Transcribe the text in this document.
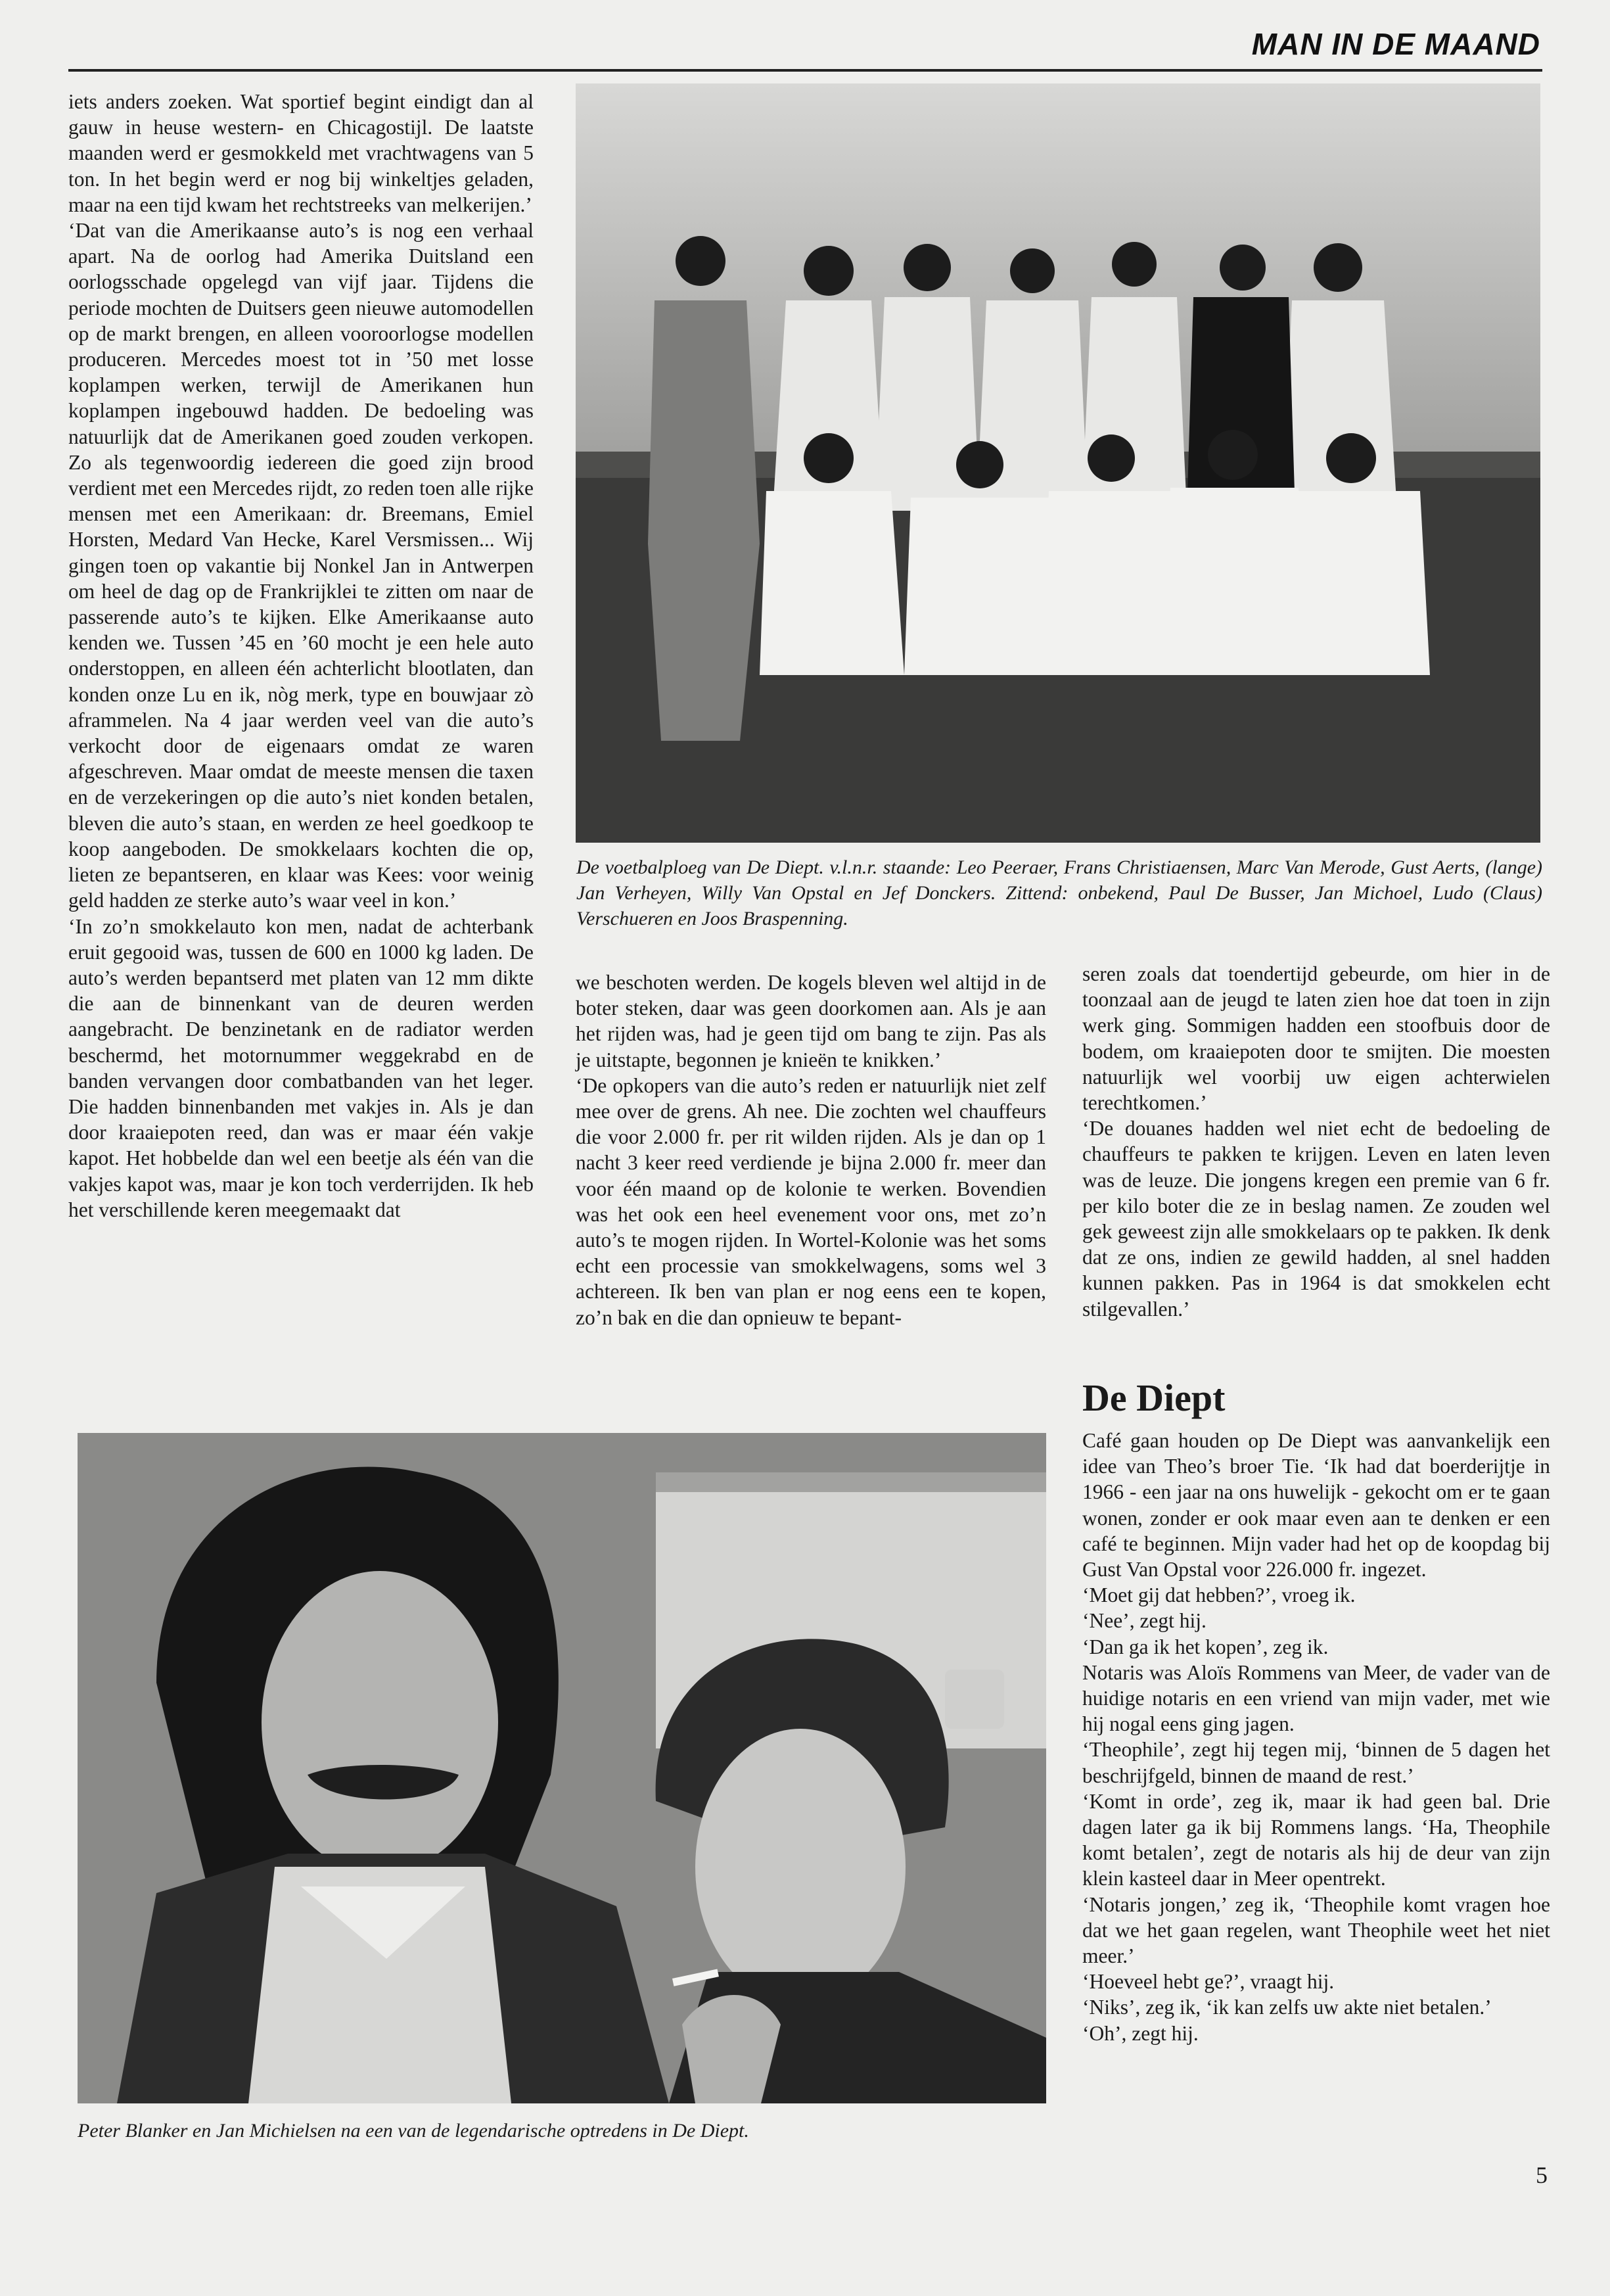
MAN IN DE MAAND

iets anders zoeken. Wat sportief begint eindigt dan al gauw in heuse western- en Chicagostijl. De laatste maanden werd er gesmokkeld met vrachtwagens van 5 ton. In het begin werd er nog bij winkeltjes geladen, maar na een tijd kwam het rechtstreeks van melkerijen.’

‘Dat van die Amerikaanse auto’s is nog een verhaal apart. Na de oorlog had Amerika Duitsland een oorlogsschade opgelegd van vijf jaar. Tijdens die periode mochten de Duitsers geen nieuwe automodellen op de markt brengen, en alleen vooroorlogse modellen produceren. Mercedes moest tot in ’50 met losse koplampen werken, terwijl de Amerikanen hun koplampen ingebouwd hadden. De bedoeling was natuurlijk dat de Amerikanen goed zouden verkopen. Zo als tegenwoordig iedereen die goed zijn brood verdient met een Mercedes rijdt, zo reden toen alle rijke mensen met een Amerikaan: dr. Breemans, Emiel Horsten, Medard Van Hecke, Karel Versmissen... Wij gingen toen op vakantie bij Nonkel Jan in Antwerpen om heel de dag op de Frankrijklei te zitten om naar de passerende auto’s te kijken. Elke Amerikaanse auto kenden we. Tussen ’45 en ’60 mocht je een hele auto onderstoppen, en alleen één achterlicht blootlaten, dan konden onze Lu en ik, nòg merk, type en bouwjaar zò aframmelen. Na 4 jaar werden veel van die auto’s verkocht door de eigenaars omdat ze waren afgeschreven. Maar omdat de meeste mensen die taxen en de verzekeringen op die auto’s niet konden betalen, bleven die auto’s staan, en werden ze heel goedkoop te koop aangeboden. De smokkelaars kochten die op, lieten ze bepantseren, en klaar was Kees: voor weinig geld hadden ze sterke auto’s waar veel in kon.’

‘In zo’n smokkelauto kon men, nadat de achterbank eruit gegooid was, tussen de 600 en 1000 kg laden. De auto’s werden bepantserd met platen van 12 mm dikte die aan de binnenkant van de deuren werden aangebracht. De benzinetank en de radiator werden beschermd, het motornummer weggekrabd en de banden vervangen door combatbanden van het leger. Die hadden binnenbanden met vakjes in. Als je dan door kraaiepoten reed, dan was er maar één vakje kapot. Het hobbelde dan wel een beetje als één van die vakjes kapot was, maar je kon toch verderrijden. Ik heb het verschillende keren meegemaakt dat

De voetbalploeg van De Diept. v.l.n.r. staande: Leo Peeraer, Frans Christiaensen, Marc Van Merode, Gust Aerts, (lange) Jan Verheyen, Willy Van Opstal en Jef Donckers. Zittend: onbekend, Paul De Busser, Jan Michoel, Ludo (Claus) Verschueren en Joos Braspenning.

we beschoten werden. De kogels bleven wel altijd in de boter steken, daar was geen doorkomen aan. Als je aan het rijden was, had je geen tijd om bang te zijn. Pas als je uitstapte, begonnen je knieën te knikken.’

‘De opkopers van die auto’s reden er natuurlijk niet zelf mee over de grens. Ah nee. Die zochten wel chauffeurs die voor 2.000 fr. per rit wilden rijden. Als je dan op 1 nacht 3 keer reed verdiende je bijna 2.000 fr. meer dan voor één maand op de kolonie te werken. Bovendien was het ook een heel evenement voor ons, met zo’n auto’s te mogen rijden. In Wortel-Kolonie was het soms echt een processie van smokkelwagens, soms wel 3 achtereen. Ik ben van plan er nog eens een te kopen, zo’n bak en die dan opnieuw te bepant-

seren zoals dat toendertijd gebeurde, om hier in de toonzaal aan de jeugd te laten zien hoe dat toen in zijn werk ging. Sommigen hadden een stoofbuis door de bodem, om kraaiepoten door te smijten. Die moesten natuurlijk wel voorbij uw eigen achterwielen terechtkomen.’

‘De douanes hadden wel niet echt de bedoeling de chauffeurs te pakken te krijgen. Leven en laten leven was de leuze. Die jongens kregen een premie van 6 fr. per kilo boter die ze in beslag namen. Ze zouden wel gek geweest zijn alle smokkelaars op te pakken. Ik denk dat ze ons, indien ze gewild hadden, al snel hadden kunnen pakken. Pas in 1964 is dat smokkelen echt stilgevallen.’

De Diept

Café gaan houden op De Diept was aanvankelijk een idee van Theo’s broer Tie. ‘Ik had dat boerderijtje in 1966 - een jaar na ons huwelijk - gekocht om er te gaan wonen, zonder er ook maar even aan te denken er een café te beginnen. Mijn vader had het op de koopdag bij Gust Van Opstal voor 226.000 fr. ingezet.

‘Moet gij dat hebben?’, vroeg ik.

‘Nee’, zegt hij.

‘Dan ga ik het kopen’, zeg ik.

Notaris was Aloïs Rommens van Meer, de vader van de huidige notaris en een vriend van mijn vader, met wie hij nogal eens ging jagen.

‘Theophile’, zegt hij tegen mij, ‘binnen de 5 dagen het beschrijfgeld, binnen de maand de rest.’

‘Komt in orde’, zeg ik, maar ik had geen bal. Drie dagen later ga ik bij Rommens langs. ‘Ha, Theophile komt betalen’, zegt de notaris als hij de deur van zijn klein kasteel daar in Meer opentrekt.

‘Notaris jongen,’ zeg ik, ‘Theophile komt vragen hoe dat we het gaan regelen, want Theophile weet het niet meer.’

‘Hoeveel hebt ge?’, vraagt hij.

‘Niks’, zeg ik, ‘ik kan zelfs uw akte niet betalen.’

‘Oh’, zegt hij.

Peter Blanker en Jan Michielsen na een van de legendarische optredens in De Diept.
5
